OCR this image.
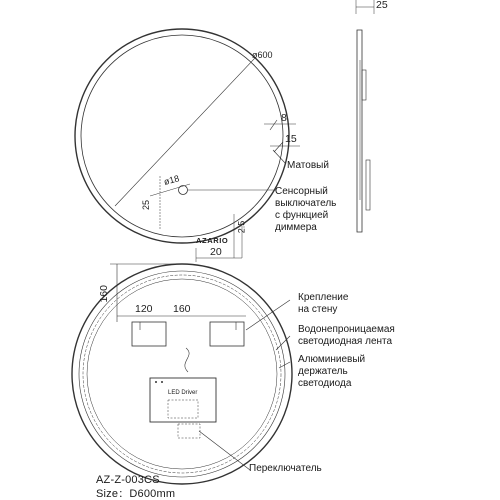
ø600
25
8
15
Матовый
ø18
25
2.5
20
Сенсорный
выключатель
с функцией
диммера
AZARIO
160
120 160
Крепление
на стену
Водонепроницаемая
светодиодная лента
Алюминиевый
держатель
светодиода
LED Driver
Переключатель
AZ-Z-003CS
Size：D600mm
